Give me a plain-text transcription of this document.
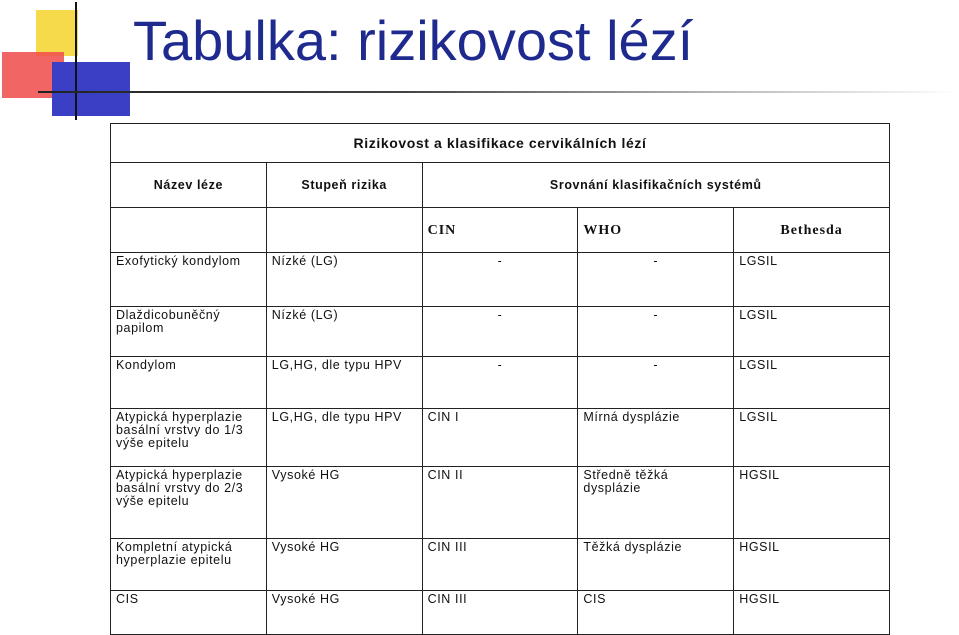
Tabulka: rizikovost lézí
Rizikovost a klasifikace cervikálních lézí				
Název léze	Stupeň rizika	Srovnání klasifikačních systémů		
		CIN	WHO	Bethesda
Exofytický kondylom	Nízké (LG)	-	-	LGSIL
Dlaždicobuněčný papilom	Nízké (LG)	-	-	LGSIL
Kondylom	LG,HG, dle typu HPV	-	-	LGSIL
Atypická hyperplazie basální vrstvy do 1/3 výše epitelu	LG,HG, dle typu HPV	CIN I	Mírná dysplázie	LGSIL
Atypická hyperplazie basální vrstvy do 2/3 výše epitelu	Vysoké HG	CIN II	Středně těžká dysplázie	HGSIL
Kompletní atypická hyperplazie epitelu	Vysoké HG	CIN III	Těžká dysplázie	HGSIL
CIS	Vysoké HG	CIN III	CIS	HGSIL
